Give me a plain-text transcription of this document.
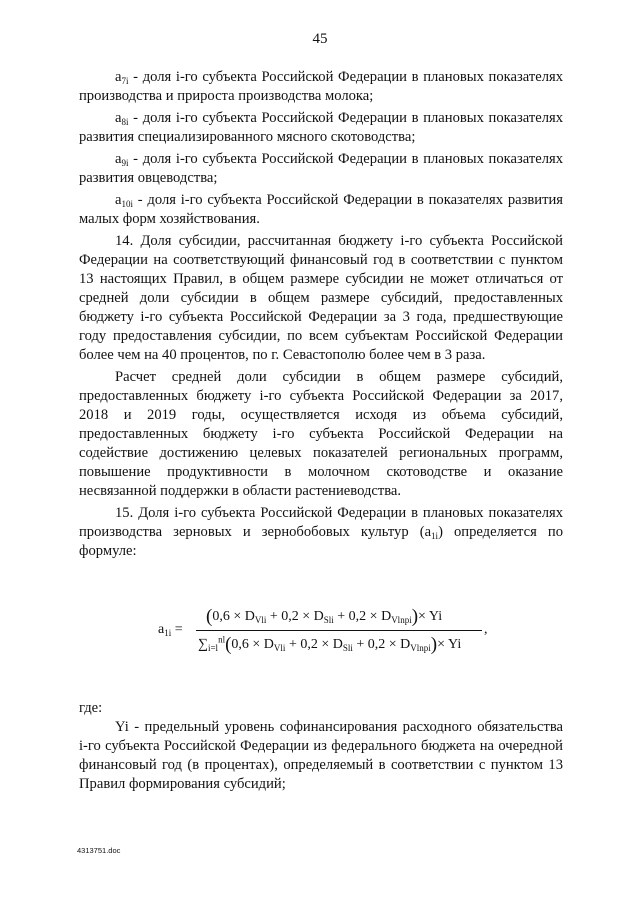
45

$a_{7i}$ - доля i-го субъекта Российской Федерации в плановых показателях производства и прироста производства молока;

$a_{8i}$ - доля i-го субъекта Российской Федерации в плановых показателях развития специализированного мясного скотоводства;

$a_{9i}$ - доля i-го субъекта Российской Федерации в плановых показателях развития овцеводства;

$a_{10i}$ - доля i-го субъекта Российской Федерации в показателях развития малых форм хозяйствования.

14. Доля субсидии, рассчитанная бюджету i-го субъекта Российской Федерации на соответствующий финансовый год в соответствии с пунктом 13 настоящих Правил, в общем размере субсидии не может отличаться от средней доли субсидии в общем размере субсидий, предоставленных бюджету i-го субъекта Российской Федерации за 3 года, предшествующие году предоставления субсидии, по всем субъектам Российской Федерации более чем на 40 процентов, по г. Севастополю более чем в 3 раза.

Расчет средней доли субсидии в общем размере субсидий, предоставленных бюджету i-го субъекта Российской Федерации за 2017, 2018 и 2019 годы, осуществляется исходя из объема субсидий, предоставленных бюджету i-го субъекта Российской Федерации на содействие достижению целевых показателей региональных программ, повышение продуктивности в молочном скотоводстве и оказание несвязанной поддержки в области растениеводства.

15. Доля i-го субъекта Российской Федерации в плановых показателях производства зерновых и зернобобовых культур $(a_{1i})$ определяется по формуле:

$a_{1i}$ =
$(0,6 \times D_{Vli} + 0,2 \times D_{Sli} + 0,2 \times D_{Vlnpi})\times Yi$
$\sum_{i=l}^{nl}(0,6 \times D_{Vli} + 0,2 \times D_{Sli} + 0,2 \times D_{Vlnpi})\times Yi$
,
где:

Yi - предельный уровень софинансирования расходного обязательства i-го субъекта Российской Федерации из федерального бюджета на очередной финансовый год (в процентах), определяемый в соответствии с пунктом 13 Правил формирования субсидий;

4313751.doc
